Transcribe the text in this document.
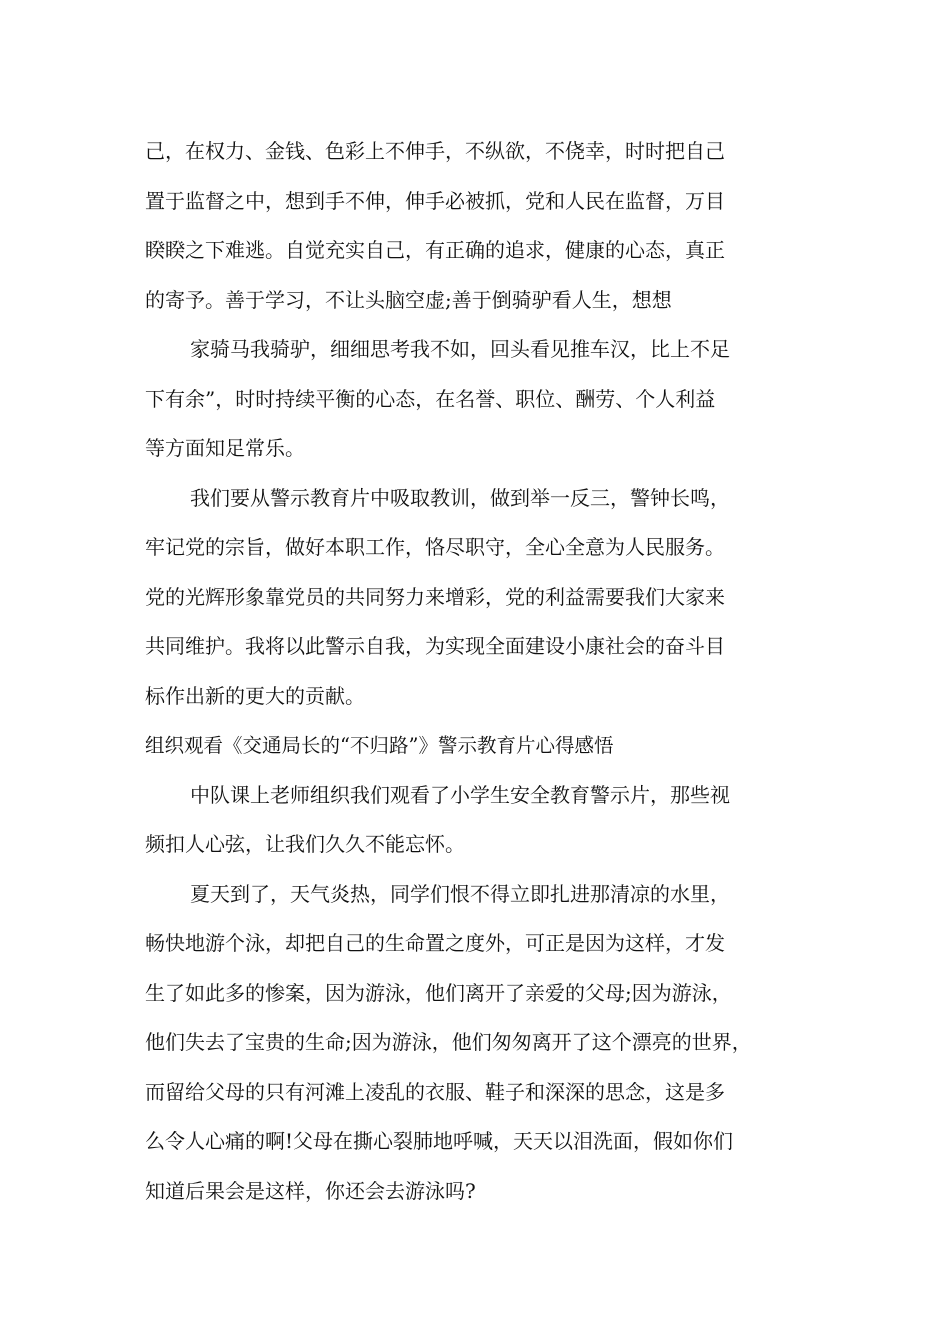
己，在权力、金钱、色彩上不伸手，不纵欲，不侥幸，时时把自己
置于监督之中，想到手不伸，伸手必被抓，党和人民在监督，万目
睽睽之下难逃。自觉充实自己，有正确的追求，健康的心态，真正
的寄予。善于学习，不让头脑空虚;善于倒骑驴看人生，想想
家骑马我骑驴，细细思考我不如，回头看见推车汉，比上不足
下有余”，时时持续平衡的心态，在名誉、职位、酬劳、个人利益
等方面知足常乐。
我们要从警示教育片中吸取教训，做到举一反三，警钟长鸣，
牢记党的宗旨，做好本职工作，恪尽职守，全心全意为人民服务。
党的光辉形象靠党员的共同努力来增彩，党的利益需要我们大家来
共同维护。我将以此警示自我，为实现全面建设小康社会的奋斗目
标作出新的更大的贡献。
组织观看《交通局长的“不归路”》警示教育片心得感悟
中队课上老师组织我们观看了小学生安全教育警示片，那些视
频扣人心弦，让我们久久不能忘怀。
夏天到了，天气炎热，同学们恨不得立即扎进那清凉的水里，
畅快地游个泳，却把自己的生命置之度外，可正是因为这样，才发
生了如此多的惨案，因为游泳，他们离开了亲爱的父母;因为游泳，
他们失去了宝贵的生命;因为游泳，他们匆匆离开了这个漂亮的世界，
而留给父母的只有河滩上凌乱的衣服、鞋子和深深的思念，这是多
么令人心痛的啊!父母在撕心裂肺地呼喊，天天以泪洗面，假如你们
知道后果会是这样，你还会去游泳吗?
